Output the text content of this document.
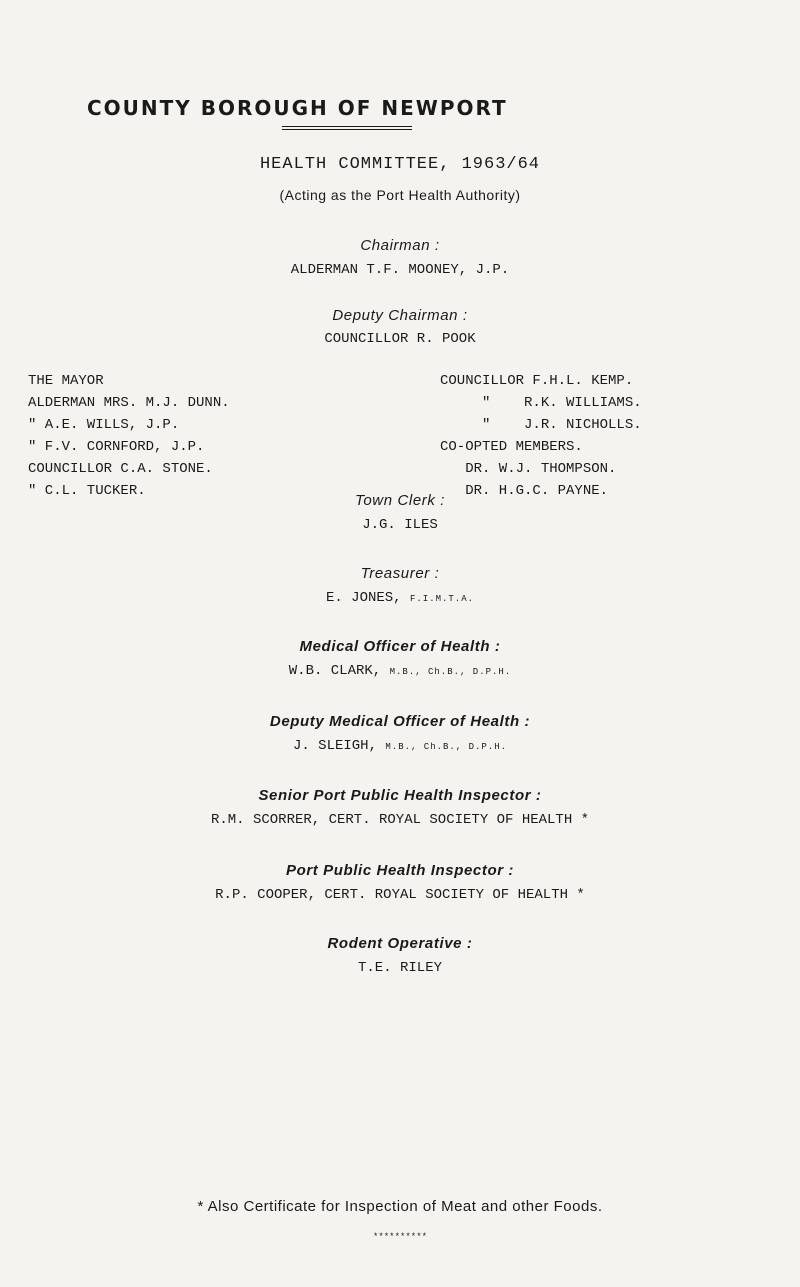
COUNTY BOROUGH OF NEWPORT
HEALTH COMMITTEE, 1963/64
(Acting as the Port Health Authority)
Chairman :
ALDERMAN T.F. MOONEY, J.P.
Deputy Chairman :
COUNCILLOR R. POOK
THE MAYOR
ALDERMAN MRS. M.J. DUNN.
" A.E. WILLS, J.P.
" F.V. CORNFORD, J.P.
COUNCILLOR C.A. STONE.
" C.L. TUCKER.
COUNCILLOR F.H.L. KEMP.
"    R.K. WILLIAMS.
"    J.R. NICHOLLS.
CO-OPTED MEMBERS.
DR. W.J. THOMPSON.
DR. H.G.C. PAYNE.
Town Clerk :
J.G. ILES
Treasurer :
E. JONES, F.I.M.T.A.
Medical Officer of Health :
W.B. CLARK, M.B., Ch.B., D.P.H.
Deputy Medical Officer of Health :
J. SLEIGH, M.B., Ch.B., D.P.H.
Senior Port Public Health Inspector :
R.M. SCORRER, CERT. ROYAL SOCIETY OF HEALTH *
Port Public Health Inspector :
R.P. COOPER, CERT. ROYAL SOCIETY OF HEALTH *
Rodent Operative :
T.E. RILEY
* Also Certificate for Inspection of Meat and other Foods.
**********
